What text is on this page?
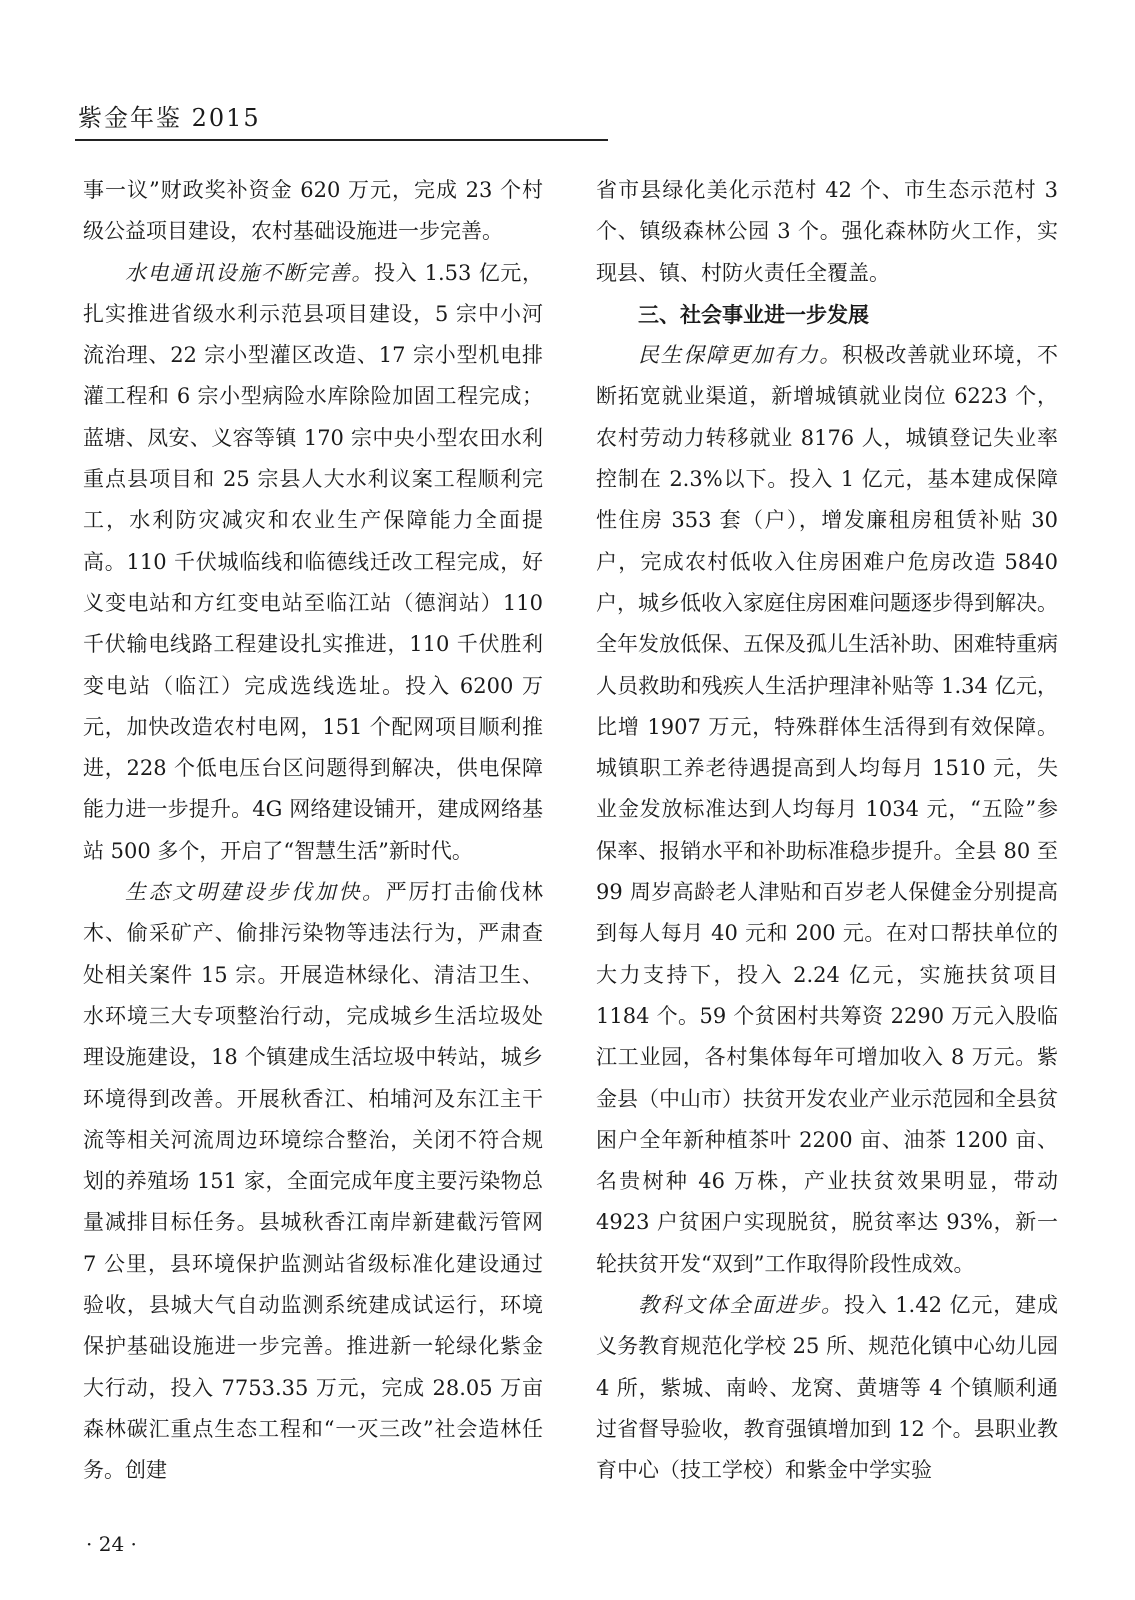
紫金年鉴 2015

事一议”财政奖补资金 620 万元，完成 23 个村级公益项目建设，农村基础设施进一步完善。

水电通讯设施不断完善。投入 1.53 亿元，扎实推进省级水利示范县项目建设，5 宗中小河流治理、22 宗小型灌区改造、17 宗小型机电排灌工程和 6 宗小型病险水库除险加固工程完成；蓝塘、凤安、义容等镇 170 宗中央小型农田水利重点县项目和 25 宗县人大水利议案工程顺利完工，水利防灾减灾和农业生产保障能力全面提高。110 千伏城临线和临德线迁改工程完成，好义变电站和方红变电站至临江站（德润站）110 千伏输电线路工程建设扎实推进，110 千伏胜利变电站（临江）完成选线选址。投入 6200 万元，加快改造农村电网，151 个配网项目顺利推进，228 个低电压台区问题得到解决，供电保障能力进一步提升。4G 网络建设铺开，建成网络基站 500 多个，开启了“智慧生活”新时代。

生态文明建设步伐加快。严厉打击偷伐林木、偷采矿产、偷排污染物等违法行为，严肃查处相关案件 15 宗。开展造林绿化、清洁卫生、水环境三大专项整治行动，完成城乡生活垃圾处理设施建设，18 个镇建成生活垃圾中转站，城乡环境得到改善。开展秋香江、柏埔河及东江主干流等相关河流周边环境综合整治，关闭不符合规划的养殖场 151 家，全面完成年度主要污染物总量减排目标任务。县城秋香江南岸新建截污管网 7 公里，县环境保护监测站省级标准化建设通过验收，县城大气自动监测系统建成试运行，环境保护基础设施进一步完善。推进新一轮绿化紫金大行动，投入 7753.35 万元，完成 28.05 万亩森林碳汇重点生态工程和“一灭三改”社会造林任务。创建

省市县绿化美化示范村 42 个、市生态示范村 3 个、镇级森林公园 3 个。强化森林防火工作，实现县、镇、村防火责任全覆盖。

三、社会事业进一步发展

民生保障更加有力。积极改善就业环境，不断拓宽就业渠道，新增城镇就业岗位 6223 个，农村劳动力转移就业 8176 人，城镇登记失业率控制在 2.3%以下。投入 1 亿元，基本建成保障性住房 353 套（户），增发廉租房租赁补贴 30 户，完成农村低收入住房困难户危房改造 5840 户，城乡低收入家庭住房困难问题逐步得到解决。全年发放低保、五保及孤儿生活补助、困难特重病人员救助和残疾人生活护理津补贴等 1.34 亿元，比增 1907 万元，特殊群体生活得到有效保障。城镇职工养老待遇提高到人均每月 1510 元，失业金发放标准达到人均每月 1034 元，“五险”参保率、报销水平和补助标准稳步提升。全县 80 至 99 周岁高龄老人津贴和百岁老人保健金分别提高到每人每月 40 元和 200 元。在对口帮扶单位的大力支持下，投入 2.24 亿元，实施扶贫项目 1184 个。59 个贫困村共筹资 2290 万元入股临江工业园，各村集体每年可增加收入 8 万元。紫金县（中山市）扶贫开发农业产业示范园和全县贫困户全年新种植茶叶 2200 亩、油茶 1200 亩、名贵树种 46 万株，产业扶贫效果明显，带动 4923 户贫困户实现脱贫，脱贫率达 93%，新一轮扶贫开发“双到”工作取得阶段性成效。

教科文体全面进步。投入 1.42 亿元，建成义务教育规范化学校 25 所、规范化镇中心幼儿园 4 所，紫城、南岭、龙窝、黄塘等 4 个镇顺利通过省督导验收，教育强镇增加到 12 个。县职业教育中心（技工学校）和紫金中学实验

· 24 ·
